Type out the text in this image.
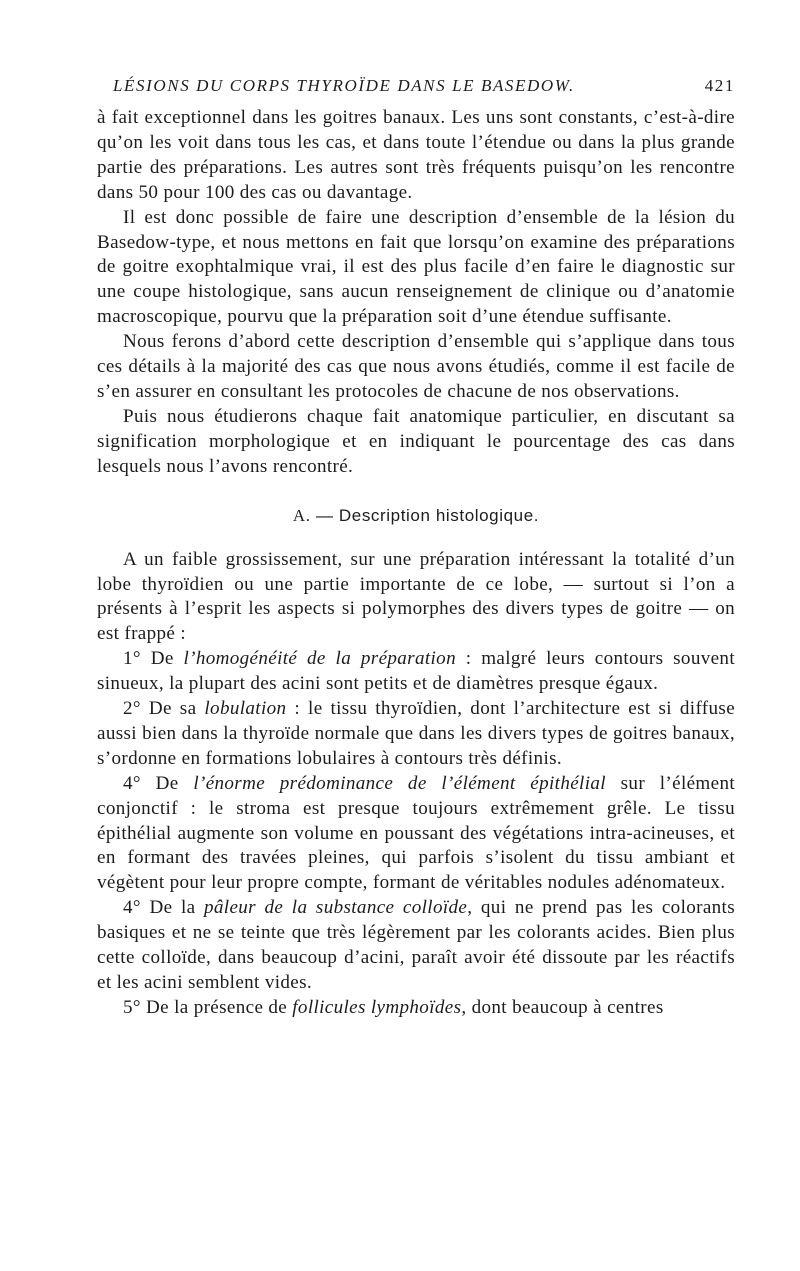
LÉSIONS DU CORPS THYROÏDE DANS LE BASEDOW.	421

à fait exceptionnel dans les goitres banaux. Les uns sont constants, c’est-à-dire qu’on les voit dans tous les cas, et dans toute l’étendue ou dans la plus grande partie des préparations. Les autres sont très fréquents puisqu’on les rencontre dans 50 pour 100 des cas ou davantage.

Il est donc possible de faire une description d’ensemble de la lésion du Basedow-type, et nous mettons en fait que lorsqu’on examine des préparations de goitre exophtalmique vrai, il est des plus facile d’en faire le diagnostic sur une coupe histologique, sans aucun renseignement de clinique ou d’anatomie macroscopique, pourvu que la préparation soit d’une étendue suffisante.

Nous ferons d’abord cette description d’ensemble qui s’applique dans tous ces détails à la majorité des cas que nous avons étudiés, comme il est facile de s’en assurer en consultant les protocoles de chacune de nos observations.

Puis nous étudierons chaque fait anatomique particulier, en discutant sa signification morphologique et en indiquant le pourcentage des cas dans lesquels nous l’avons rencontré.

A. — Description histologique.

A un faible grossissement, sur une préparation intéressant la totalité d’un lobe thyroïdien ou une partie importante de ce lobe, — surtout si l’on a présents à l’esprit les aspects si polymorphes des divers types de goitre — on est frappé :

1° De l’homogénéité de la préparation : malgré leurs contours souvent sinueux, la plupart des acini sont petits et de diamètres presque égaux.

2° De sa lobulation : le tissu thyroïdien, dont l’architecture est si diffuse aussi bien dans la thyroïde normale que dans les divers types de goitres banaux, s’ordonne en formations lobulaires à contours très définis.

4° De l’énorme prédominance de l’élément épithélial sur l’élément conjonctif : le stroma est presque toujours extrêmement grêle. Le tissu épithélial augmente son volume en poussant des végétations intra-acineuses, et en formant des travées pleines, qui parfois s’isolent du tissu ambiant et végètent pour leur propre compte, formant de véritables nodules adénomateux.

4° De la pâleur de la substance colloïde, qui ne prend pas les colorants basiques et ne se teinte que très légèrement par les colorants acides. Bien plus cette colloïde, dans beaucoup d’acini, paraît avoir été dissoute par les réactifs et les acini semblent vides.

5° De la présence de follicules lymphoïdes, dont beaucoup à centres
